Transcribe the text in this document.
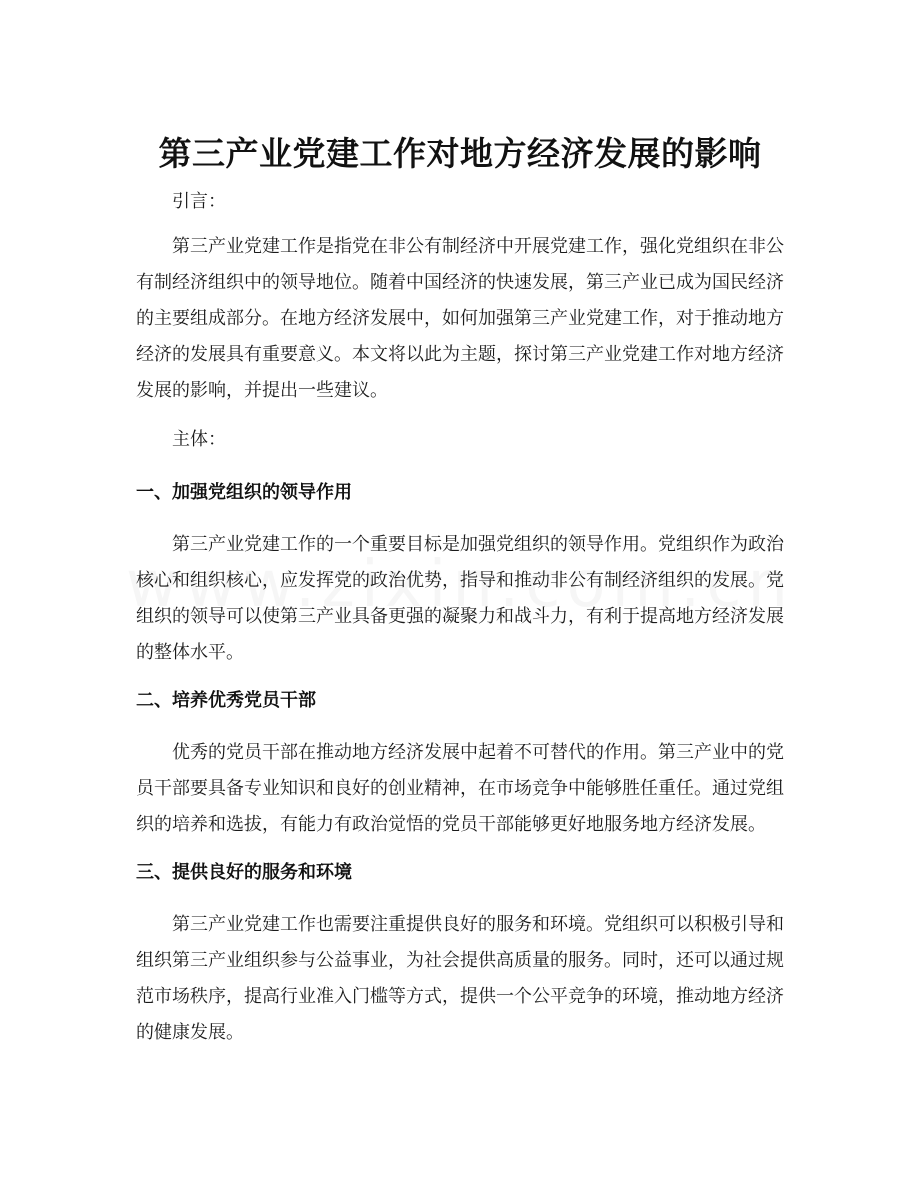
第三产业党建工作对地方经济发展的影响

引言：

第三产业党建工作是指党在非公有制经济中开展党建工作，强化党组织在非公有制经济组织中的领导地位。随着中国经济的快速发展，第三产业已成为国民经济的主要组成部分。在地方经济发展中，如何加强第三产业党建工作，对于推动地方经济的发展具有重要意义。本文将以此为主题，探讨第三产业党建工作对地方经济发展的影响，并提出一些建议。

主体：

一、加强党组织的领导作用

第三产业党建工作的一个重要目标是加强党组织的领导作用。党组织作为政治核心和组织核心，应发挥党的政治优势，指导和推动非公有制经济组织的发展。党组织的领导可以使第三产业具备更强的凝聚力和战斗力，有利于提高地方经济发展的整体水平。

二、培养优秀党员干部

优秀的党员干部在推动地方经济发展中起着不可替代的作用。第三产业中的党员干部要具备专业知识和良好的创业精神，在市场竞争中能够胜任重任。通过党组织的培养和选拔，有能力有政治觉悟的党员干部能够更好地服务地方经济发展。

三、提供良好的服务和环境

第三产业党建工作也需要注重提供良好的服务和环境。党组织可以积极引导和组织第三产业组织参与公益事业，为社会提供高质量的服务。同时，还可以通过规范市场秩序，提高行业准入门槛等方式，提供一个公平竞争的环境，推动地方经济的健康发展。
